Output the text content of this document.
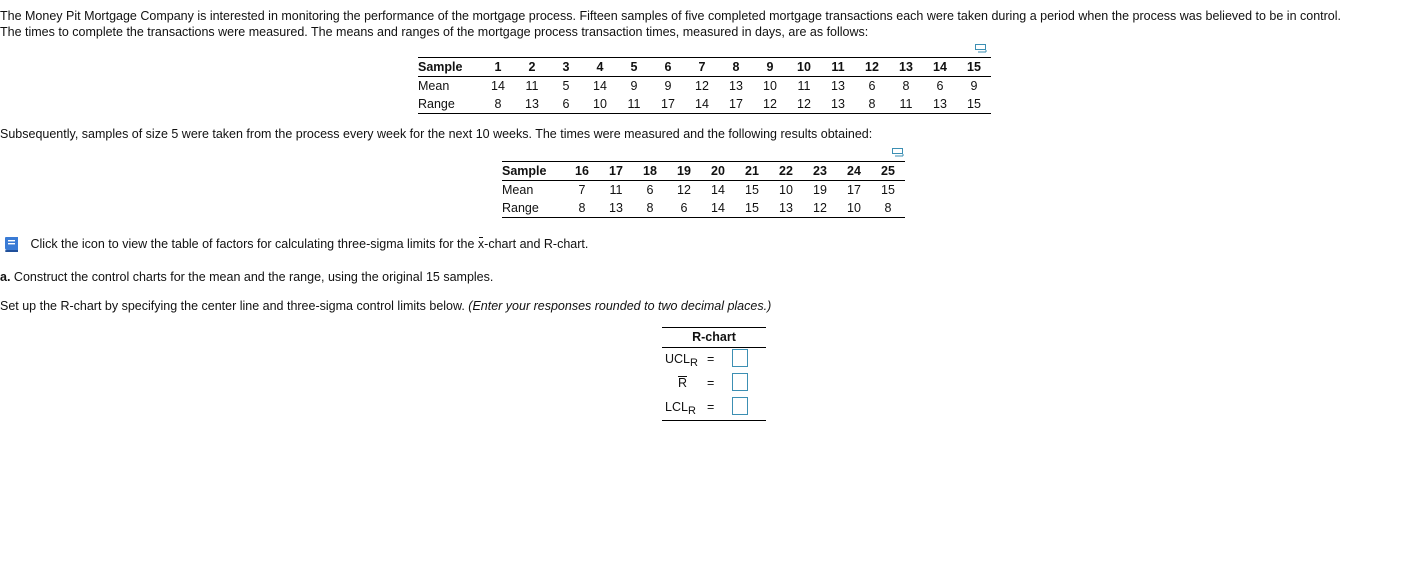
The Money Pit Mortgage Company is interested in monitoring the performance of the mortgage process. Fifteen samples of five completed mortgage transactions each were taken during a period when the process was believed to be in control.
The times to complete the transactions were measured. The means and ranges of the mortgage process transaction times, measured in days, are as follows:
Sample	1	2	3	4	5	6	7	8	9	10	11	12	13	14	15
Mean	14	11	5	14	9	9	12	13	10	11	13	6	8	6	9
Range	8	13	6	10	11	17	14	17	12	12	13	8	11	13	15

Subsequently, samples of size 5 were taken from the process every week for the next 10 weeks. The times were measured and the following results obtained:

Sample	16	17	18	19	20	21	22	23	24	25
Mean	7	11	6	12	14	15	10	19	17	15
Range	8	13	8	6	14	15	13	12	10	8
Click the icon to view the table of factors for calculating three-sigma limits for the x-chart and R-chart.

a. Construct the control charts for the mean and the range, using the original 15 samples.

Set up the R-chart by specifying the center line and three-sigma control limits below. (Enter your responses rounded to two decimal places.)

R-chart
$UCL_R$ =
R =
$LCL_R$ =
